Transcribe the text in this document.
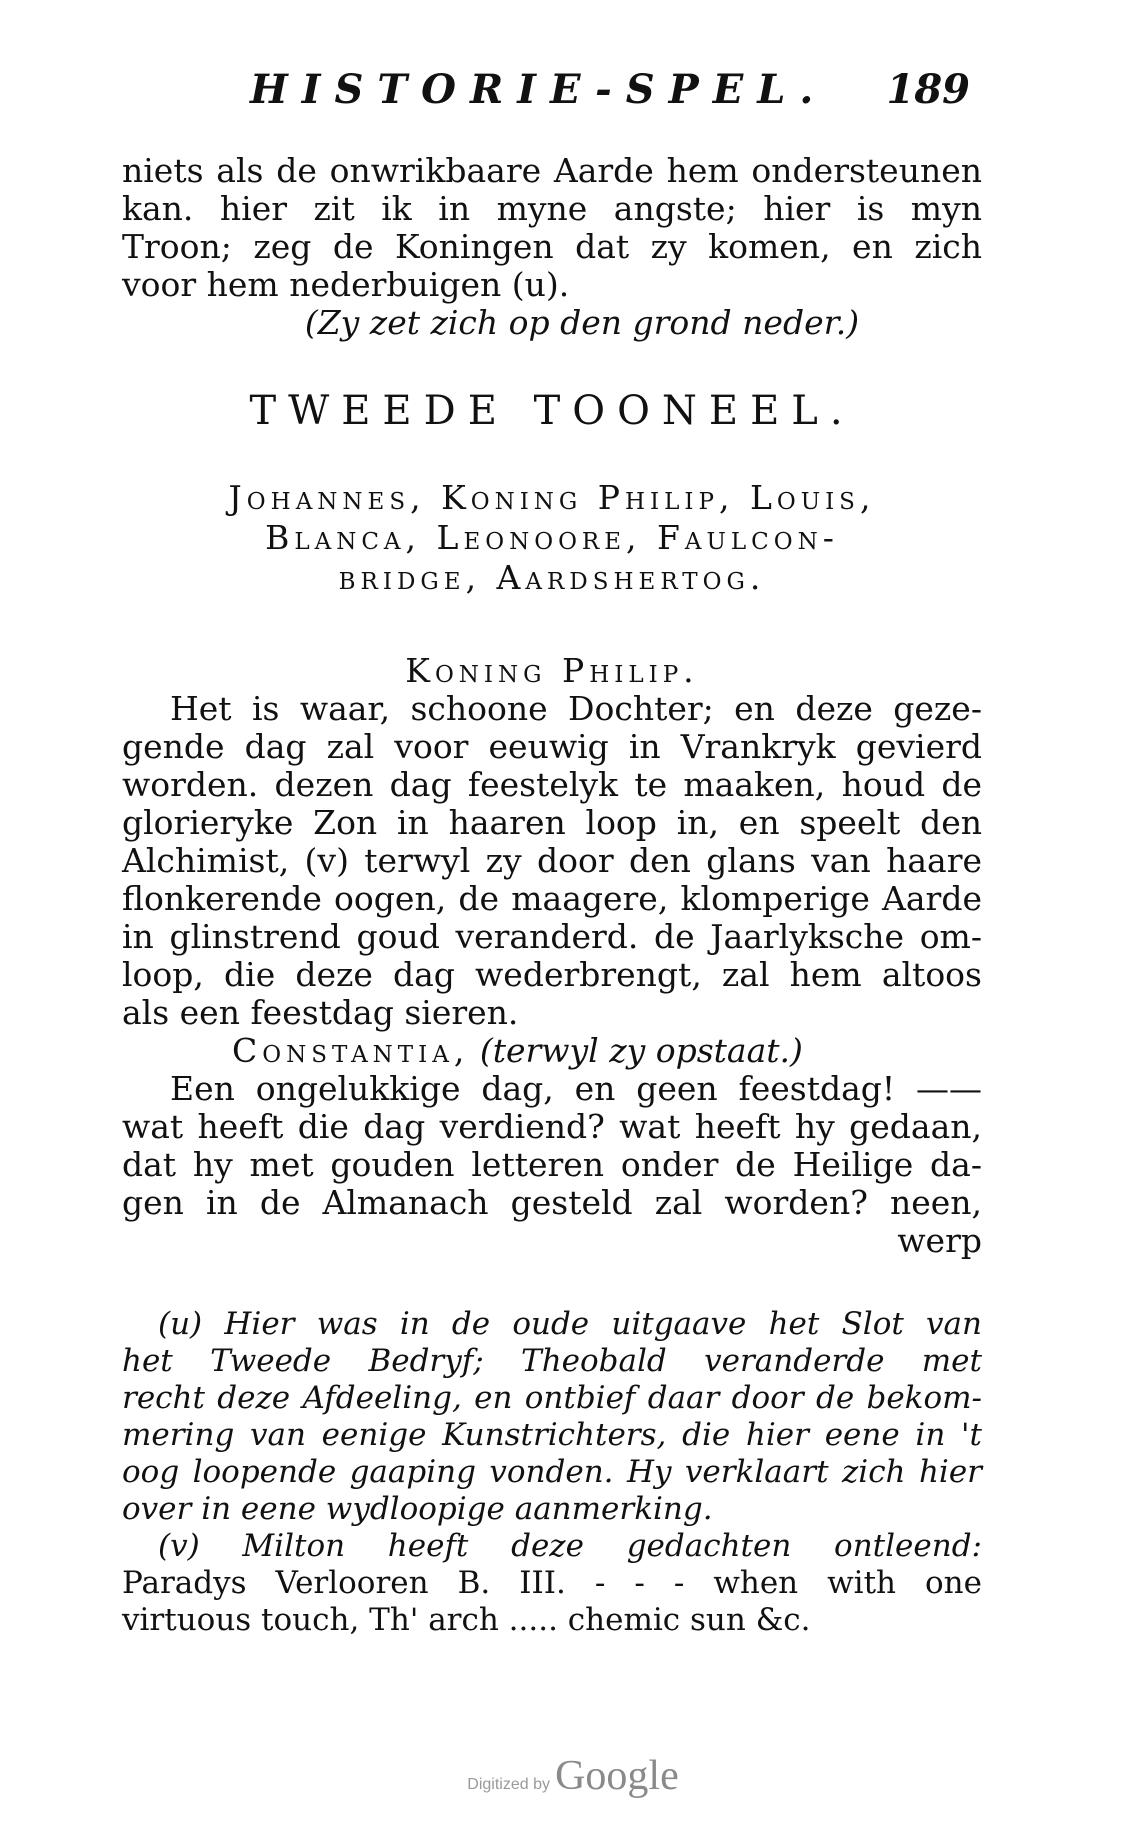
HISTORIE-SPEL. 189
niets als de onwrikbaare Aarde hem ondersteunen
kan. hier zit ik in myne angste; hier is myn
Troon; zeg de Koningen dat zy komen, en zich
voor hem nederbuigen (u).
(Zy zet zich op den grond neder.)
TWEEDE TOONEEL.
Johannes, Koning Philip, Louis,
Blanca, Leonoore, Faulcon-
bridge, Aardshertog.
Koning Philip.
Het is waar, schoone Dochter; en deze geze-
gende dag zal voor eeuwig in Vrankryk gevierd
worden. dezen dag feestelyk te maaken, houd de
glorieryke Zon in haaren loop in, en speelt den
Alchimist, (v) terwyl zy door den glans van haare
flonkerende oogen, de maagere, klomperige Aarde
in glinstrend goud veranderd. de Jaarlyksche om-
loop, die deze dag wederbrengt, zal hem altoos
als een feestdag sieren.
Constantia, (terwyl zy opstaat.)
Een ongelukkige dag, en geen feestdag! ——
wat heeft die dag verdiend? wat heeft hy gedaan,
dat hy met gouden letteren onder de Heilige da-
gen in de Almanach gesteld zal worden? neen,
werp
(u) Hier was in de oude uitgaave het Slot van
het Tweede Bedryf; Theobald veranderde met
recht deze Afdeeling, en ontbief daar door de bekom-
mering van eenige Kunstrichters, die hier eene in 't
oog loopende gaaping vonden. Hy verklaart zich hier
over in eene wydloopige aanmerking.
(v) Milton heeft deze gedachten ontleend:
Paradys Verlooren B. III. - - - when with one
virtuous touch, Th' arch ..... chemic sun &c.
Digitized by Google
